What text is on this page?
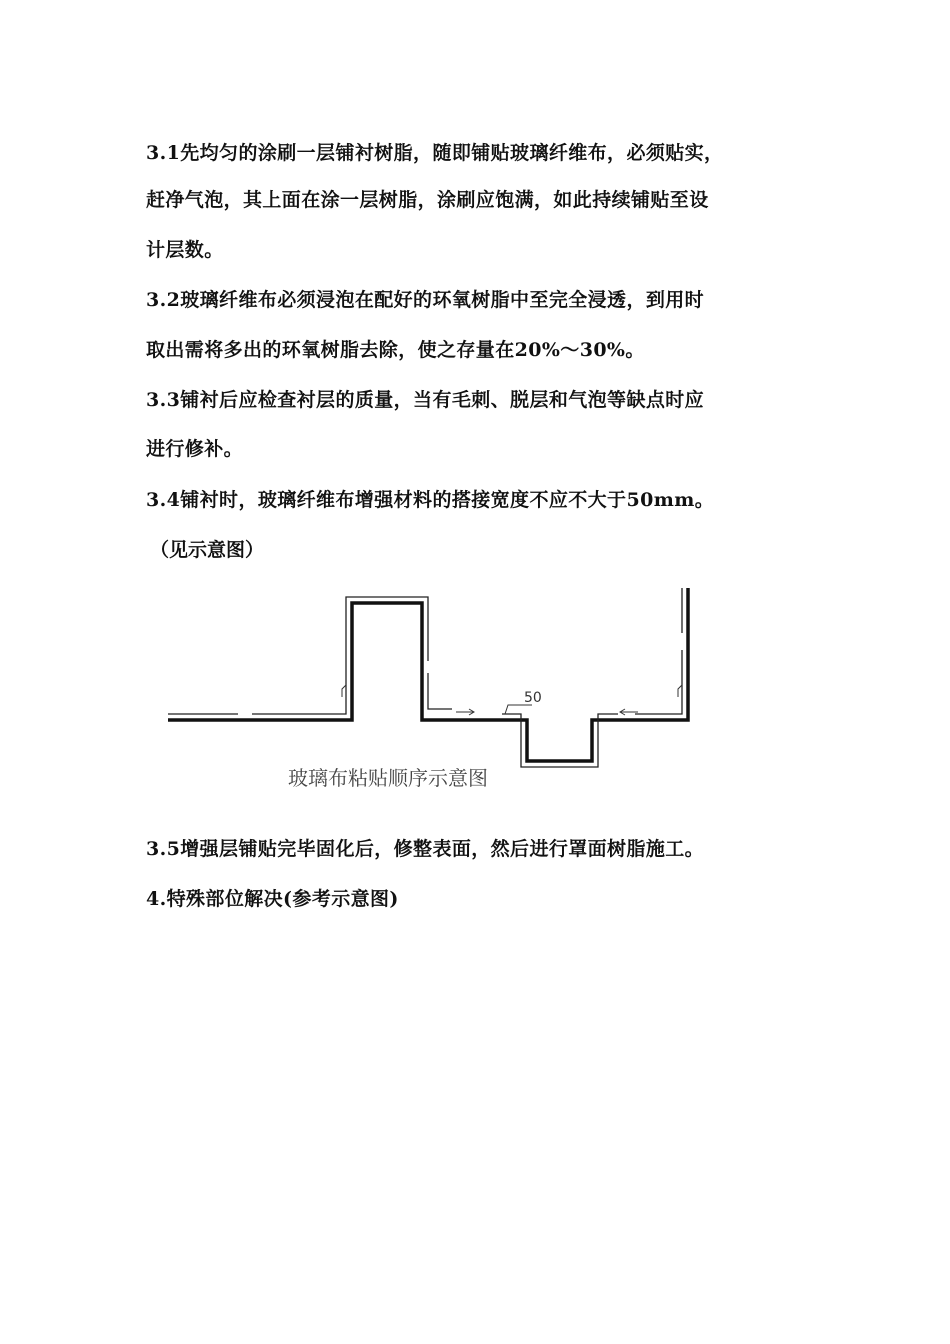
3.1先均匀的涂刷一层铺衬树脂，随即铺贴玻璃纤维布，必须贴实，
赶净气泡，其上面在涂一层树脂，涂刷应饱满，如此持续铺贴至设
计层数。
3.2玻璃纤维布必须浸泡在配好的环氧树脂中至完全浸透，到用时
取出需将多出的环氧树脂去除，使之存量在20%～30%。
3.3铺衬后应检查衬层的质量，当有毛刺、脱层和气泡等缺点时应
进行修补。
3.4铺衬时，玻璃纤维布增强材料的搭接宽度不应不大于50mm。
（见示意图）
50
玻璃布粘贴顺序示意图
3.5增强层铺贴完毕固化后，修整表面，然后进行罩面树脂施工。
4.特殊部位解决(参考示意图)
